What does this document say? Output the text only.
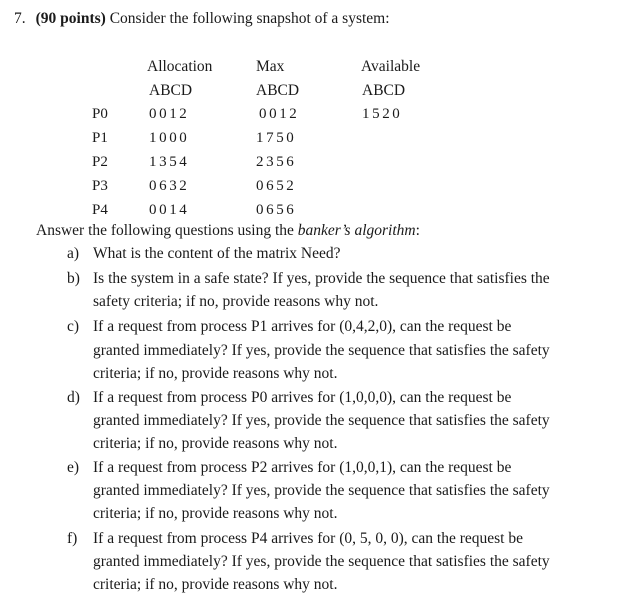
7. (90 points) Consider the following snapshot of a system:
Allocation	Max	Available
ABCD	ABCD	ABCD
P0	0012	0012	1520
P1	1000	1750
P2	1354	2356
P3	0632	0652
P4	0014	0656
Answer the following questions using the banker’s algorithm:
a) What is the content of the matrix Need?
b) Is the system in a safe state? If yes, provide the sequence that satisfies the
safety criteria; if no, provide reasons why not.
c) If a request from process P1 arrives for (0,4,2,0), can the request be
granted immediately? If yes, provide the sequence that satisfies the safety
criteria; if no, provide reasons why not.
d) If a request from process P0 arrives for (1,0,0,0), can the request be
granted immediately? If yes, provide the sequence that satisfies the safety
criteria; if no, provide reasons why not.
e) If a request from process P2 arrives for (1,0,0,1), can the request be
granted immediately? If yes, provide the sequence that satisfies the safety
criteria; if no, provide reasons why not.
f) If a request from process P4 arrives for (0, 5, 0, 0), can the request be
granted immediately? If yes, provide the sequence that satisfies the safety
criteria; if no, provide reasons why not.
